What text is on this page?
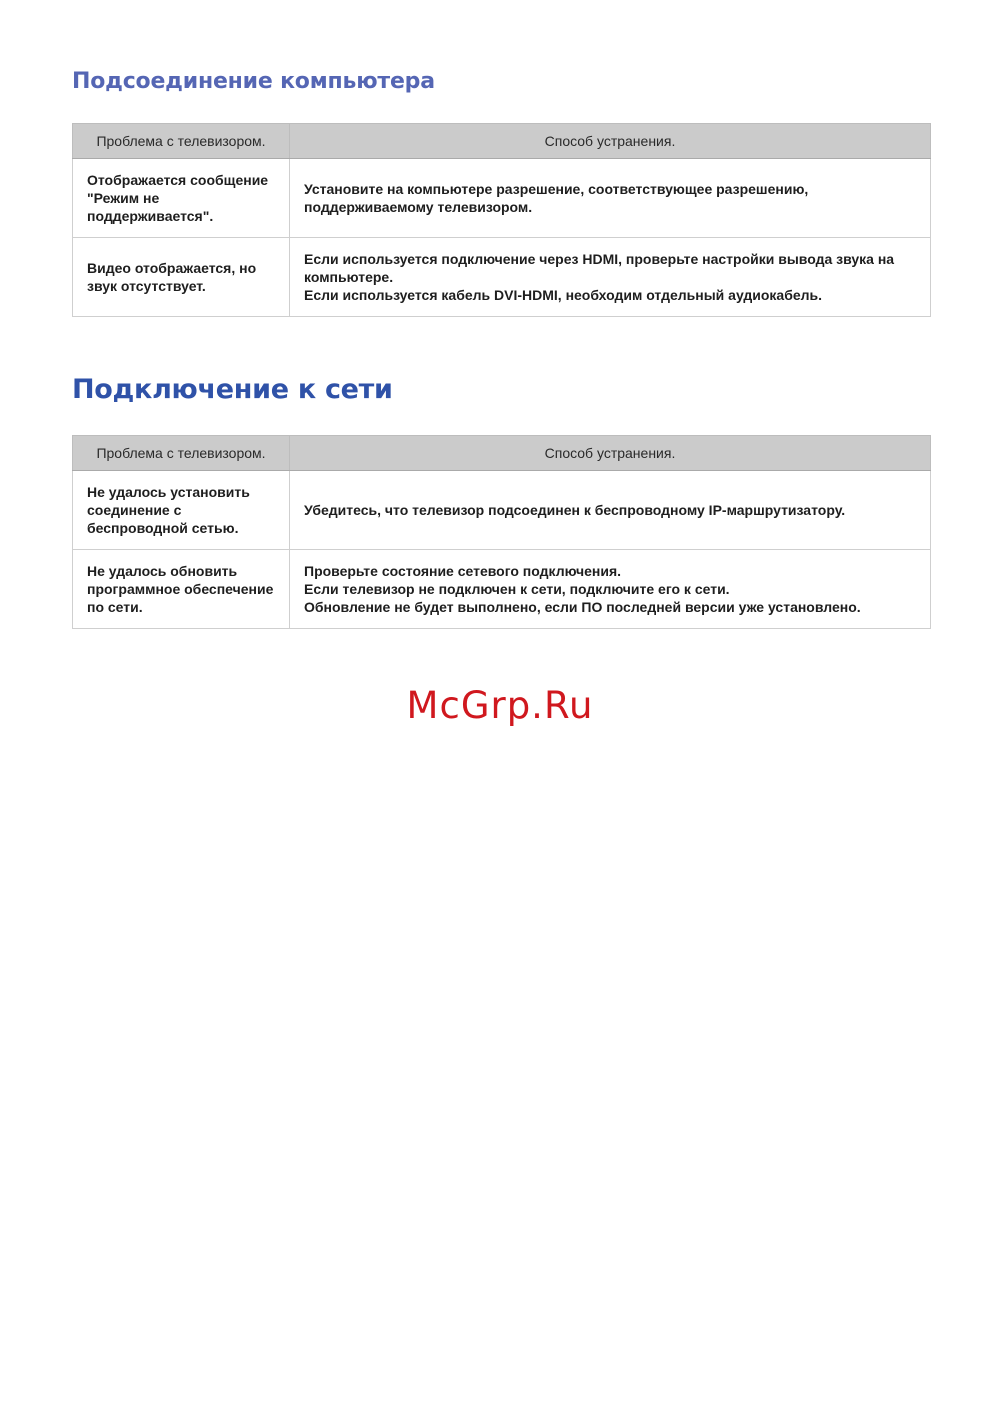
Подсоединение компьютера
Проблема с телевизором.	Способ устранения.
Отображается сообщение "Режим не поддерживается".	Установите на компьютере разрешение, соответствующее разрешению, поддерживаемому телевизором.

Видео отображается, но звук отсутствует.	Если используется подключение через HDMI, проверьте настройки вывода звука на компьютере.
Если используется кабель DVI-HDMI, необходим отдельный аудиокабель.
Подключение к сети
Проблема с телевизором.	Способ устранения.
Не удалось установить соединение с беспроводной сетью.	Убедитесь, что телевизор подсоединен к беспроводному IP-маршрутизатору.

Не удалось обновить программное обеспечение по сети.	Проверьте состояние сетевого подключения.
Если телевизор не подключен к сети, подключите его к сети.
Обновление не будет выполнено, если ПО последней версии уже установлено.
McGrp.Ru
